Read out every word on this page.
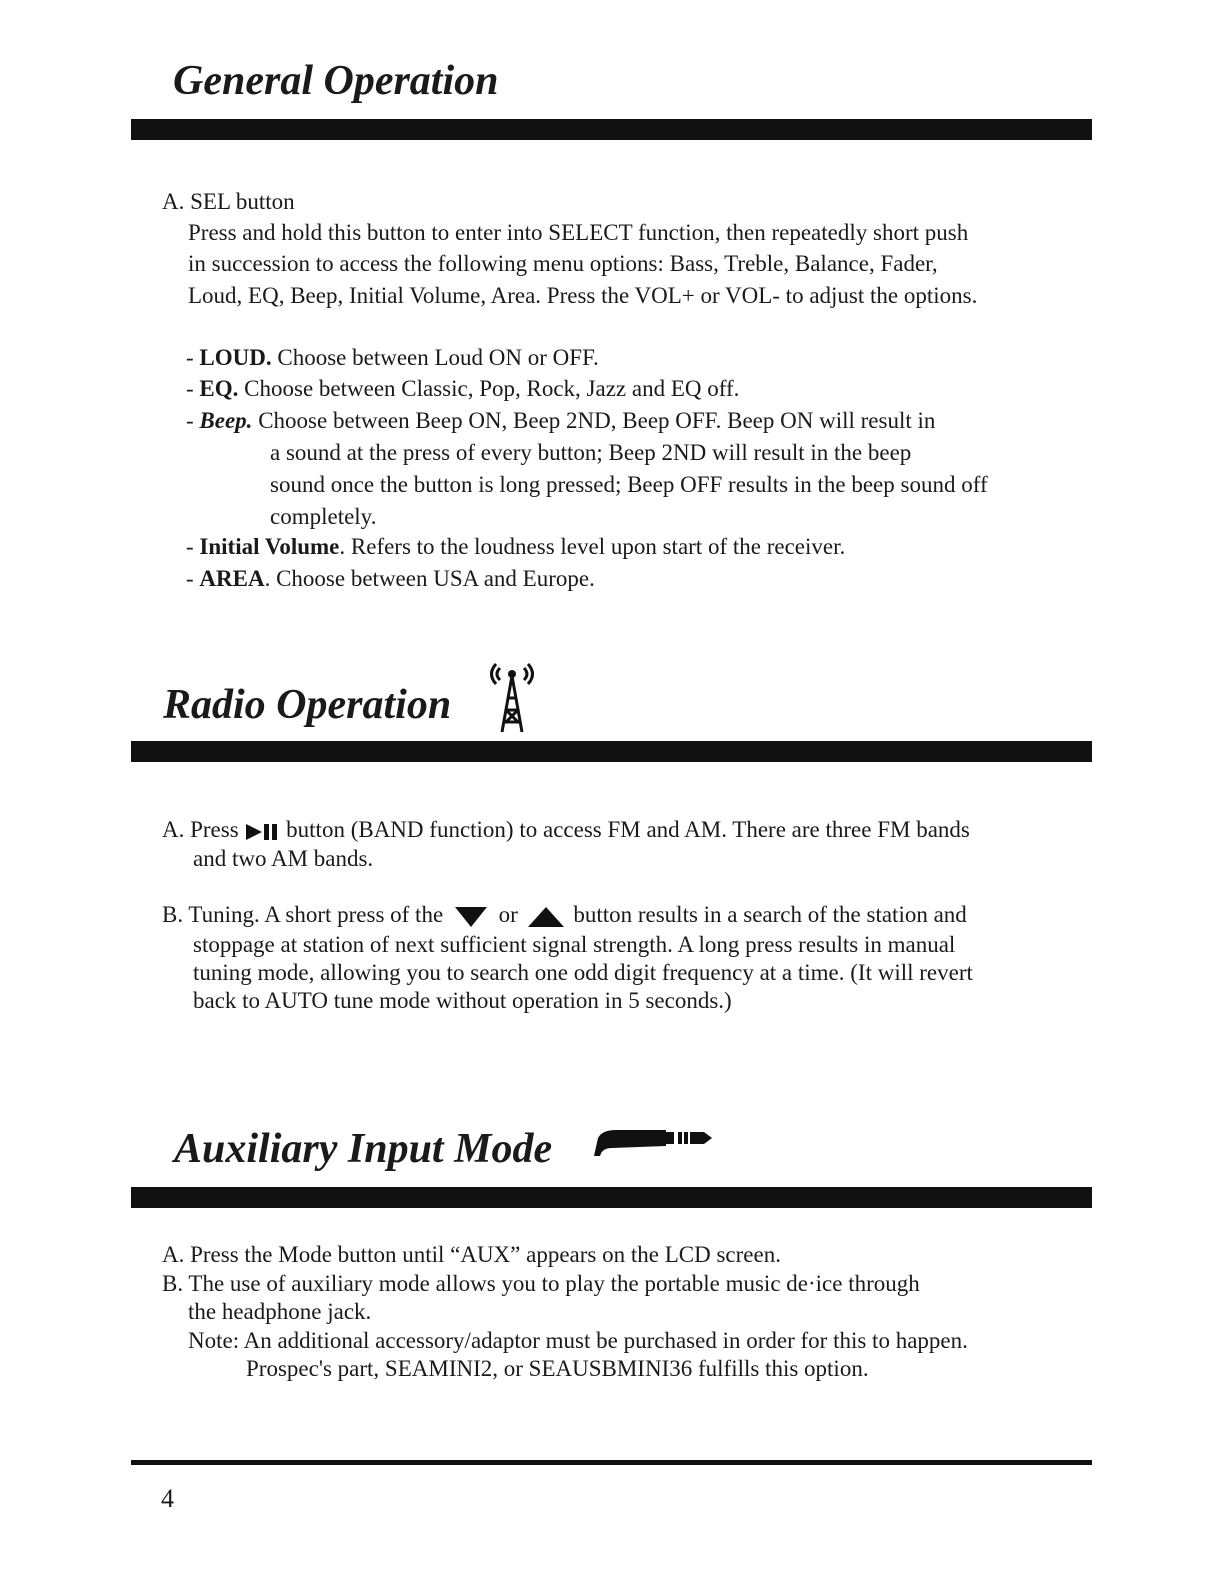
General Operation

A. SEL button

Press and hold this button to enter into SELECT function, then repeatedly short push

in succession to access the following menu options: Bass, Treble, Balance, Fader,

Loud, EQ, Beep, Initial Volume, Area. Press the VOL+ or VOL- to adjust the options.

- LOUD. Choose between Loud ON or OFF.

- EQ. Choose between Classic, Pop, Rock, Jazz and EQ off.

- Beep. Choose between Beep ON, Beep 2ND, Beep OFF. Beep ON will result in

a sound at the press of every button; Beep 2ND will result in the beep

sound once the button is long pressed; Beep OFF results in the beep sound off

completely.

- Initial Volume. Refers to the loudness level upon start of the receiver.

- AREA. Choose between USA and Europe.

Radio Operation

A. Press  button (BAND function) to access FM and AM. There are three FM bands

and two AM bands.

B. Tuning. A short press of the  or  button results in a search of the station and

stoppage at station of next sufficient signal strength. A long press results in manual

tuning mode, allowing you to search one odd digit frequency at a time. (It will revert

back to AUTO tune mode without operation in 5 seconds.)

Auxiliary Input Mode

A. Press the Mode button until “AUX” appears on the LCD screen.

B. The use of auxiliary mode allows you to play the portable music de·ice through

the headphone jack.

Note: An additional accessory/adaptor must be purchased in order for this to happen.

Prospec's part, SEAMINI2, or SEAUSBMINI36 fulfills this option.

4
